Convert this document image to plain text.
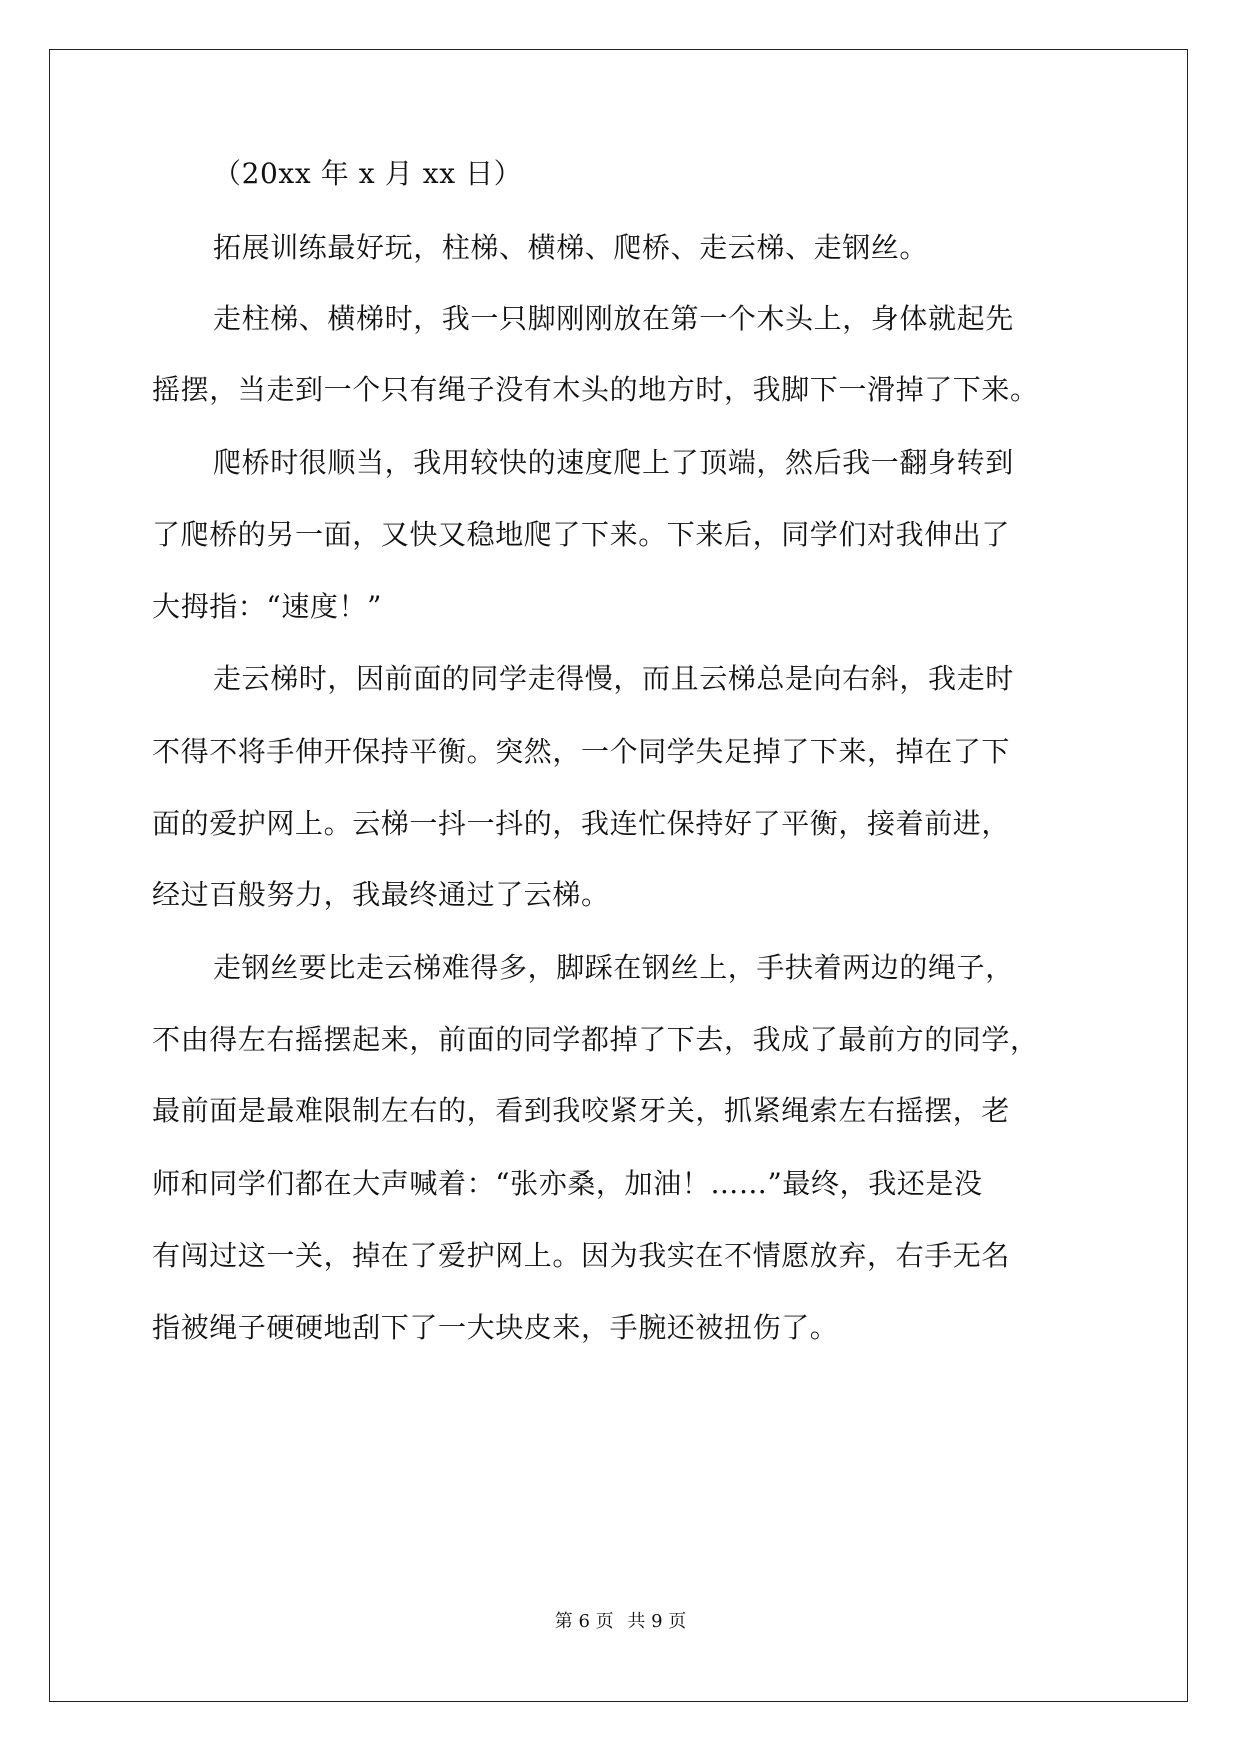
（20xx 年 x 月 xx 日）
拓展训练最好玩，柱梯、横梯、爬桥、走云梯、走钢丝。
走柱梯、横梯时，我一只脚刚刚放在第一个木头上，身体就起先
摇摆，当走到一个只有绳子没有木头的地方时，我脚下一滑掉了下来。
爬桥时很顺当，我用较快的速度爬上了顶端，然后我一翻身转到
了爬桥的另一面，又快又稳地爬了下来。下来后，同学们对我伸出了
大拇指：“速度！”
走云梯时，因前面的同学走得慢，而且云梯总是向右斜，我走时
不得不将手伸开保持平衡。突然，一个同学失足掉了下来，掉在了下
面的爱护网上。云梯一抖一抖的，我连忙保持好了平衡，接着前进，
经过百般努力，我最终通过了云梯。
走钢丝要比走云梯难得多，脚踩在钢丝上，手扶着两边的绳子，
不由得左右摇摆起来，前面的同学都掉了下去，我成了最前方的同学，
最前面是最难限制左右的，看到我咬紧牙关，抓紧绳索左右摇摆，老
师和同学们都在大声喊着：“张亦桑，加油！……”最终，我还是没
有闯过这一关，掉在了爱护网上。因为我实在不情愿放弃，右手无名
指被绳子硬硬地刮下了一大块皮来，手腕还被扭伤了。
第 6 页 共 9 页
